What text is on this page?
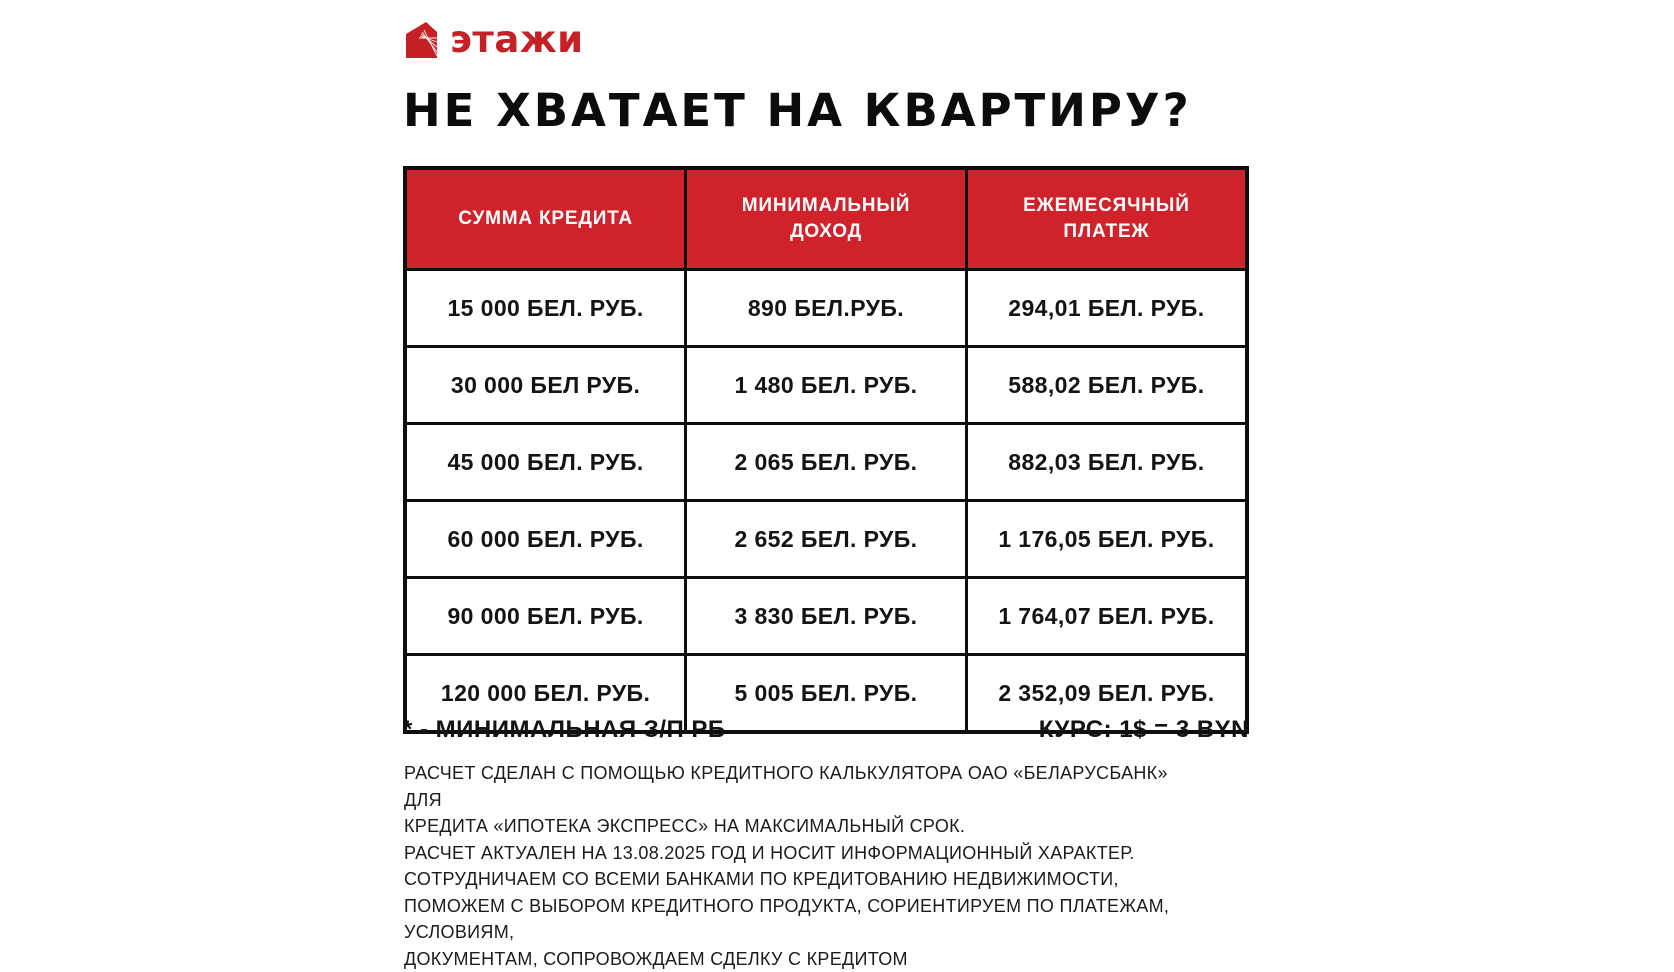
этажи
НЕ ХВАТАЕТ НА КВАРТИРУ?
СУММА КРЕДИТА	МИНИМАЛЬНЫЙ ДОХОД	ЕЖЕМЕСЯЧНЫЙ ПЛАТЕЖ
15 000 БЕЛ. РУБ.	890 БЕЛ.РУБ.	294,01 БЕЛ. РУБ.
30 000 БЕЛ РУБ.	1 480 БЕЛ. РУБ.	588,02 БЕЛ. РУБ.
45 000 БЕЛ. РУБ.	2 065 БЕЛ. РУБ.	882,03 БЕЛ. РУБ.
60 000 БЕЛ. РУБ.	2 652 БЕЛ. РУБ.	1 176,05 БЕЛ. РУБ.
90 000 БЕЛ. РУБ.	3 830 БЕЛ. РУБ.	1 764,07 БЕЛ. РУБ.
120 000 БЕЛ. РУБ.	5 005 БЕЛ. РУБ.	2 352,09 БЕЛ. РУБ.
* - МИНИМАЛЬНАЯ З/П РБ	КУРС: 1$ = 3 BYN
РАСЧЕТ СДЕЛАН С ПОМОЩЬЮ КРЕДИТНОГО КАЛЬКУЛЯТОРА ОАО «БЕЛАРУСБАНК» ДЛЯ
КРЕДИТА «ИПОТЕКА ЭКСПРЕСС» НА МАКСИМАЛЬНЫЙ СРОК.
РАСЧЕТ АКТУАЛЕН НА 13.08.2025 ГОД И НОСИТ ИНФОРМАЦИОННЫЙ ХАРАКТЕР.
СОТРУДНИЧАЕМ СО ВСЕМИ БАНКАМИ ПО КРЕДИТОВАНИЮ НЕДВИЖИМОСТИ,
ПОМОЖЕМ С ВЫБОРОМ КРЕДИТНОГО ПРОДУКТА, СОРИЕНТИРУЕМ ПО ПЛАТЕЖАМ,
УСЛОВИЯМ,
ДОКУМЕНТАМ, СОПРОВОЖДАЕМ СДЕЛКУ С КРЕДИТОМ
